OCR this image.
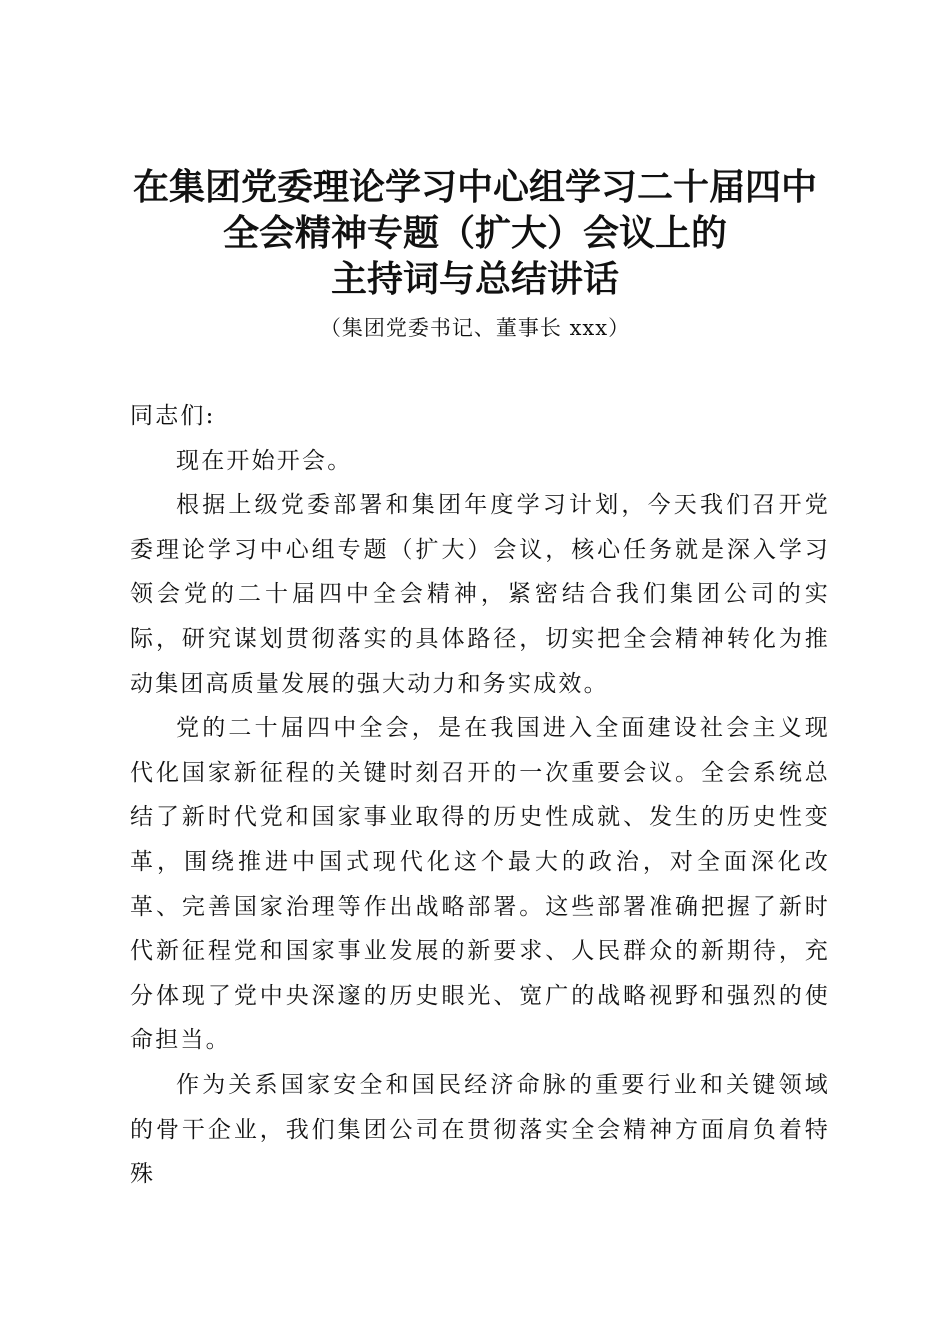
在集团党委理论学习中心组学习二十届四中
全会精神专题（扩大）会议上的
主持词与总结讲话
（集团党委书记、董事长 xxx）

同志们:

现在开始开会。

根据上级党委部署和集团年度学习计划，今天我们召开党委理论学习中心组专题（扩大）会议，核心任务就是深入学习领会党的二十届四中全会精神，紧密结合我们集团公司的实际，研究谋划贯彻落实的具体路径，切实把全会精神转化为推动集团高质量发展的强大动力和务实成效。

党的二十届四中全会，是在我国进入全面建设社会主义现代化国家新征程的关键时刻召开的一次重要会议。全会系统总结了新时代党和国家事业取得的历史性成就、发生的历史性变革，围绕推进中国式现代化这个最大的政治，对全面深化改革、完善国家治理等作出战略部署。这些部署准确把握了新时代新征程党和国家事业发展的新要求、人民群众的新期待，充分体现了党中央深邃的历史眼光、宽广的战略视野和强烈的使命担当。

作为关系国家安全和国民经济命脉的重要行业和关键领域的骨干企业，我们集团公司在贯彻落实全会精神方面肩负着特殊
